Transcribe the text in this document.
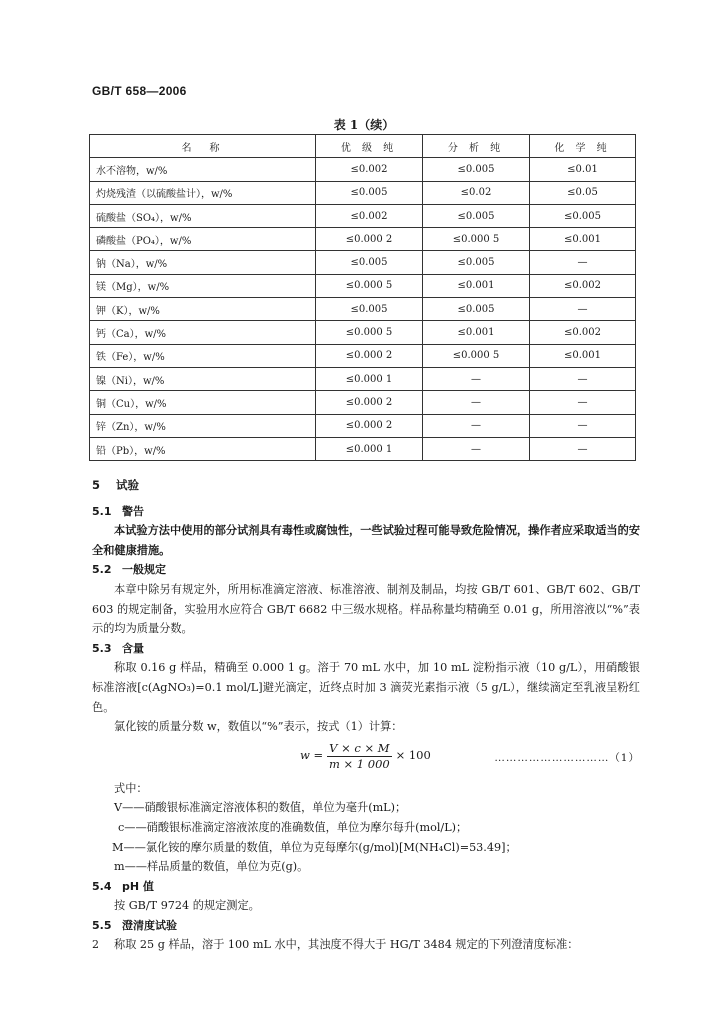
GB/T 658—2006
表 1（续）
名　称	优 级 纯	分 析 纯	化 学 纯
水不溶物，w/%	≤0.002	≤0.005	≤0.01
灼烧残渣（以硫酸盐计），w/%	≤0.005	≤0.02	≤0.05
硫酸盐（SO₄），w/%	≤0.002	≤0.005	≤0.005
磷酸盐（PO₄），w/%	≤0.000 2	≤0.000 5	≤0.001
钠（Na），w/%	≤0.005	≤0.005	—
镁（Mg），w/%	≤0.000 5	≤0.001	≤0.002
钾（K），w/%	≤0.005	≤0.005	—
钙（Ca），w/%	≤0.000 5	≤0.001	≤0.002
铁（Fe），w/%	≤0.000 2	≤0.000 5	≤0.001
镍（Ni），w/%	≤0.000 1	—	—
铜（Cu），w/%	≤0.000 2	—	—
锌（Zn），w/%	≤0.000 2	—	—
铅（Pb），w/%	≤0.000 1	—	—
5 试验
5.1 警告

本试验方法中使用的部分试剂具有毒性或腐蚀性，一些试验过程可能导致危险情况，操作者应采取适当的安全和健康措施。

5.2 一般规定

本章中除另有规定外，所用标准滴定溶液、标准溶液、制剂及制品，均按 GB/T 601、GB/T 602、GB/T 603 的规定制备，实验用水应符合 GB/T 6682 中三级水规格。样品称量均精确至 0.01 g，所用溶液以“%”表示的均为质量分数。

5.3 含量

称取 0.16 g 样品，精确至 0.000 1 g。溶于 70 mL 水中，加 10 mL 淀粉指示液（10 g/L），用硝酸银标准溶液[c(AgNO₃)=0.1 mol/L]避光滴定，近终点时加 3 滴荧光素指示液（5 g/L），继续滴定至乳液呈粉红色。

氯化铵的质量分数 w，数值以“%”表示，按式（1）计算：

$w = \frac{V \times c \times M}{m \times 1 000} \times 100$	…………………………（1）

式中：

V——硝酸银标准滴定溶液体积的数值，单位为毫升(mL)；

c——硝酸银标准滴定溶液浓度的准确数值，单位为摩尔每升(mol/L)；

M——氯化铵的摩尔质量的数值，单位为克每摩尔(g/mol)[M(NH₄Cl)=53.49]；

m——样品质量的数值，单位为克(g)。

5.4 pH 值

按 GB/T 9724 的规定测定。

5.5 澄清度试验

称取 25 g 样品，溶于 100 mL 水中，其浊度不得大于 HG/T 3484 规定的下列澄清度标准：

2
